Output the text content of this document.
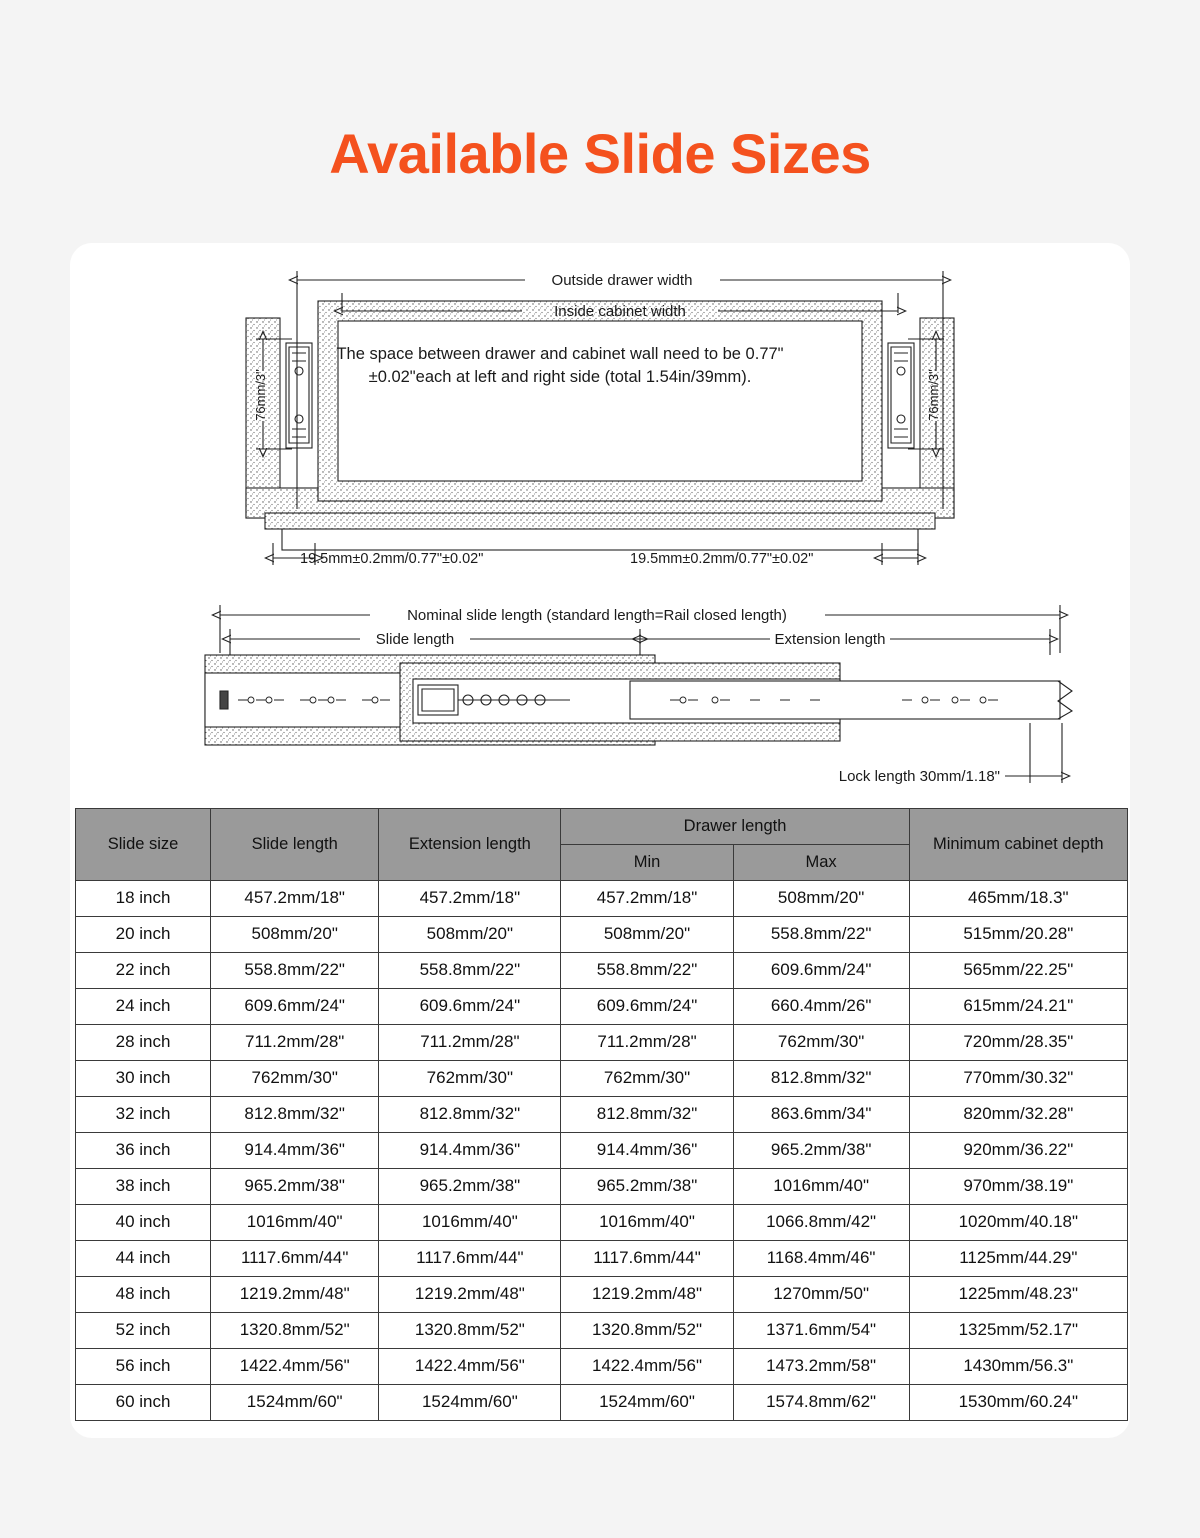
Available Slide Sizes
Outside drawer width
Inside cabinet width
76mm/3"	76mm/3"
19.5mm±0.2mm/0.77"±0.02"	19.5mm±0.2mm/0.77"±0.02"
Nominal slide length (standard length=Rail closed length)
Slide length	Extension length
Lock length 30mm/1.18"
The space between drawer and cabinet wall need to be 0.77" ±0.02"each at left and right side (total 1.54in/39mm).
Slide size	Slide length	Extension length	Drawer length		Minimum cabinet depth
			Min	Max	
18 inch	457.2mm/18"	457.2mm/18"	457.2mm/18"	508mm/20"	465mm/18.3"
20 inch	508mm/20"	508mm/20"	508mm/20"	558.8mm/22"	515mm/20.28"
22 inch	558.8mm/22"	558.8mm/22"	558.8mm/22"	609.6mm/24"	565mm/22.25"
24 inch	609.6mm/24"	609.6mm/24"	609.6mm/24"	660.4mm/26"	615mm/24.21"
28 inch	711.2mm/28"	711.2mm/28"	711.2mm/28"	762mm/30"	720mm/28.35"
30 inch	762mm/30"	762mm/30"	762mm/30"	812.8mm/32"	770mm/30.32"
32 inch	812.8mm/32"	812.8mm/32"	812.8mm/32"	863.6mm/34"	820mm/32.28"
36 inch	914.4mm/36"	914.4mm/36"	914.4mm/36"	965.2mm/38"	920mm/36.22"
38 inch	965.2mm/38"	965.2mm/38"	965.2mm/38"	1016mm/40"	970mm/38.19"
40 inch	1016mm/40"	1016mm/40"	1016mm/40"	1066.8mm/42"	1020mm/40.18"
44 inch	1117.6mm/44"	1117.6mm/44"	1117.6mm/44"	1168.4mm/46"	1125mm/44.29"
48 inch	1219.2mm/48"	1219.2mm/48"	1219.2mm/48"	1270mm/50"	1225mm/48.23"
52 inch	1320.8mm/52"	1320.8mm/52"	1320.8mm/52"	1371.6mm/54"	1325mm/52.17"
56 inch	1422.4mm/56"	1422.4mm/56"	1422.4mm/56"	1473.2mm/58"	1430mm/56.3"
60 inch	1524mm/60"	1524mm/60"	1524mm/60"	1574.8mm/62"	1530mm/60.24"
